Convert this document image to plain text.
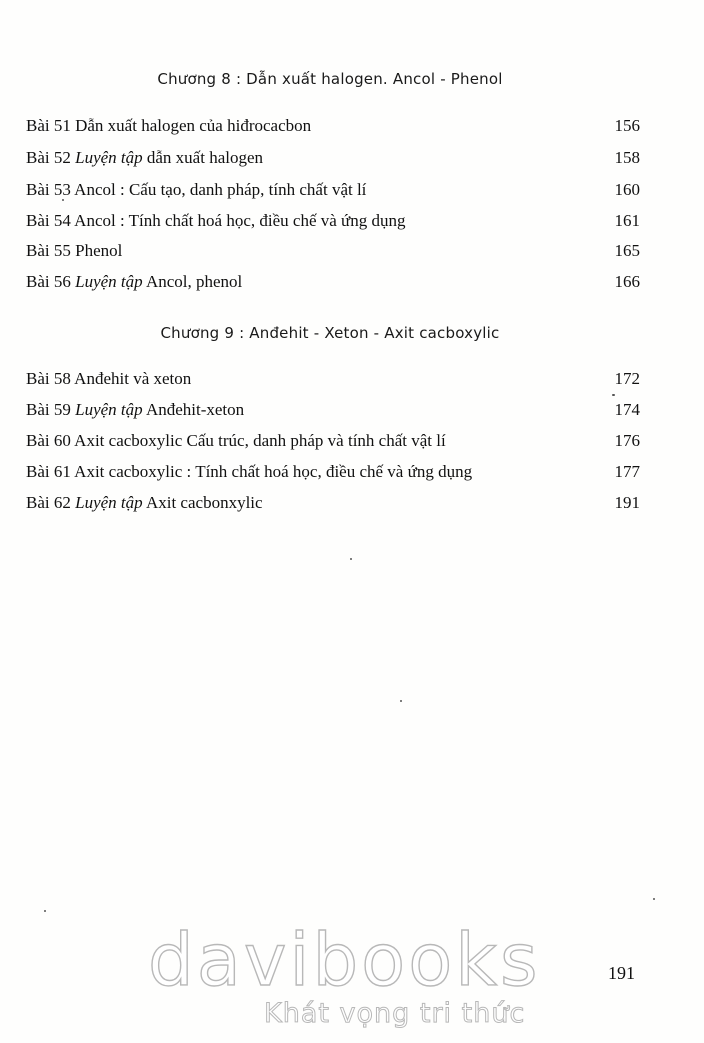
Chương 8 : Dẫn xuất halogen. Ancol - Phenol
Bài 51 Dẫn xuất halogen của hiđrocacbon	156
Bài 52 Luyện tập dẫn xuất halogen	158
Bài 53 Ancol : Cấu tạo, danh pháp, tính chất vật lí	160
Bài 54 Ancol : Tính chất hoá học, điều chế và ứng dụng	161
Bài 55 Phenol	165
Bài 56 Luyện tập Ancol, phenol	166
Chương 9 : Anđehit - Xeton - Axit cacboxylic
Bài 58 Anđehit và xeton	172
Bài 59 Luyện tập Anđehit-xeton	174
Bài 60 Axit cacboxylic Cấu trúc, danh pháp và tính chất vật lí	176
Bài 61 Axit cacboxylic : Tính chất hoá học, điều chế và ứng dụng	177
Bài 62 Luyện tập Axit cacbonxylic	191
davibooks
Khát vọng tri thức
191
